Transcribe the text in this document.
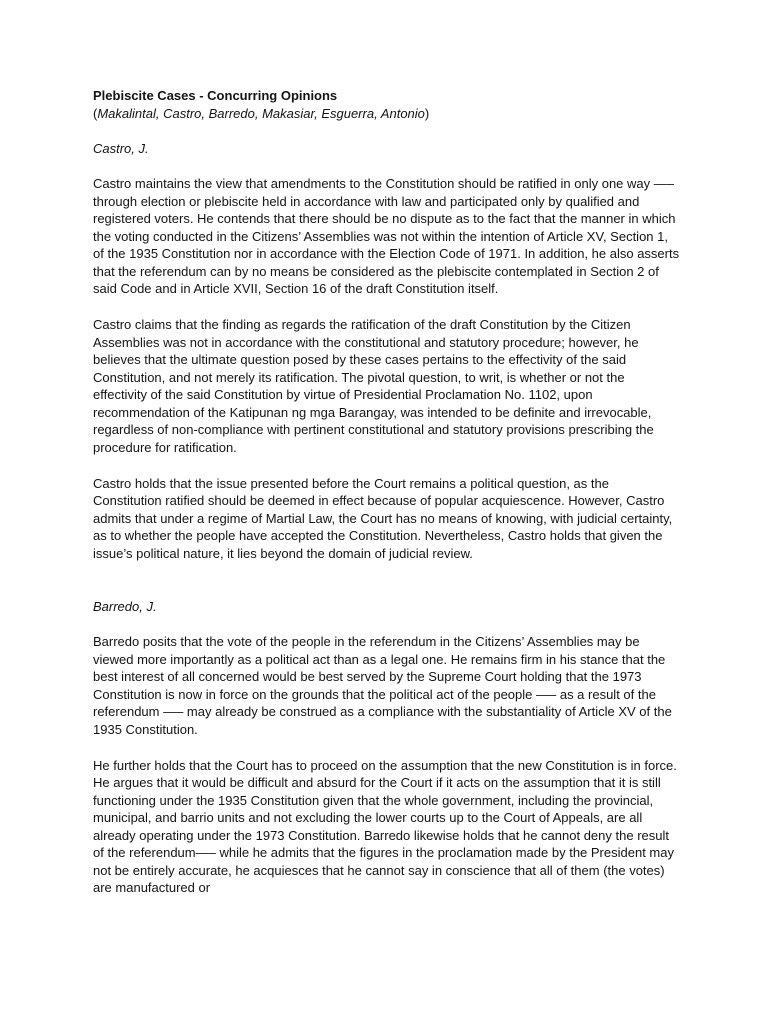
Plebiscite Cases - Concurring Opinions

(Makalintal, Castro, Barredo, Makasiar, Esguerra, Antonio)

Castro, J.

Castro maintains the view that amendments to the Constitution should be ratified in only one way —– through election or plebiscite held in accordance with law and participated only by qualified and registered voters. He contends that there should be no dispute as to the fact that the manner in which the voting conducted in the Citizens’ Assemblies was not within the intention of Article XV, Section 1, of the 1935 Constitution nor in accordance with the Election Code of 1971. In addition, he also asserts that the referendum can by no means be considered as the plebiscite contemplated in Section 2 of said Code and in Article XVII, Section 16 of the draft Constitution itself.

Castro claims that the finding as regards the ratification of the draft Constitution by the Citizen Assemblies was not in accordance with the constitutional and statutory procedure; however, he believes that the ultimate question posed by these cases pertains to the effectivity of the said Constitution, and not merely its ratification. The pivotal question, to writ, is whether or not the effectivity of the said Constitution by virtue of Presidential Proclamation No. 1102, upon recommendation of the Katipunan ng mga Barangay, was intended to be definite and irrevocable, regardless of non-compliance with pertinent constitutional and statutory provisions prescribing the procedure for ratification.

Castro holds that the issue presented before the Court remains a political question, as the Constitution ratified should be deemed in effect because of popular acquiescence. However, Castro admits that under a regime of Martial Law, the Court has no means of knowing, with judicial certainty, as to whether the people have accepted the Constitution. Nevertheless, Castro holds that given the issue’s political nature, it lies beyond the domain of judicial review.

Barredo, J.

Barredo posits that the vote of the people in the referendum in the Citizens’ Assemblies may be viewed more importantly as a political act than as a legal one. He remains firm in his stance that the best interest of all concerned would be best served by the Supreme Court holding that the 1973 Constitution is now in force on the grounds that the political act of the people —– as a result of the referendum —– may already be construed as a compliance with the substantiality of Article XV of the 1935 Constitution.

He further holds that the Court has to proceed on the assumption that the new Constitution is in force. He argues that it would be difficult and absurd for the Court if it acts on the assumption that it is still functioning under the 1935 Constitution given that the whole government, including the provincial, municipal, and barrio units and not excluding the lower courts up to the Court of Appeals, are all already operating under the 1973 Constitution. Barredo likewise holds that he cannot deny the result of the referendum—– while he admits that the figures in the proclamation made by the President may not be entirely accurate, he acquiesces that he cannot say in conscience that all of them (the votes) are manufactured or
